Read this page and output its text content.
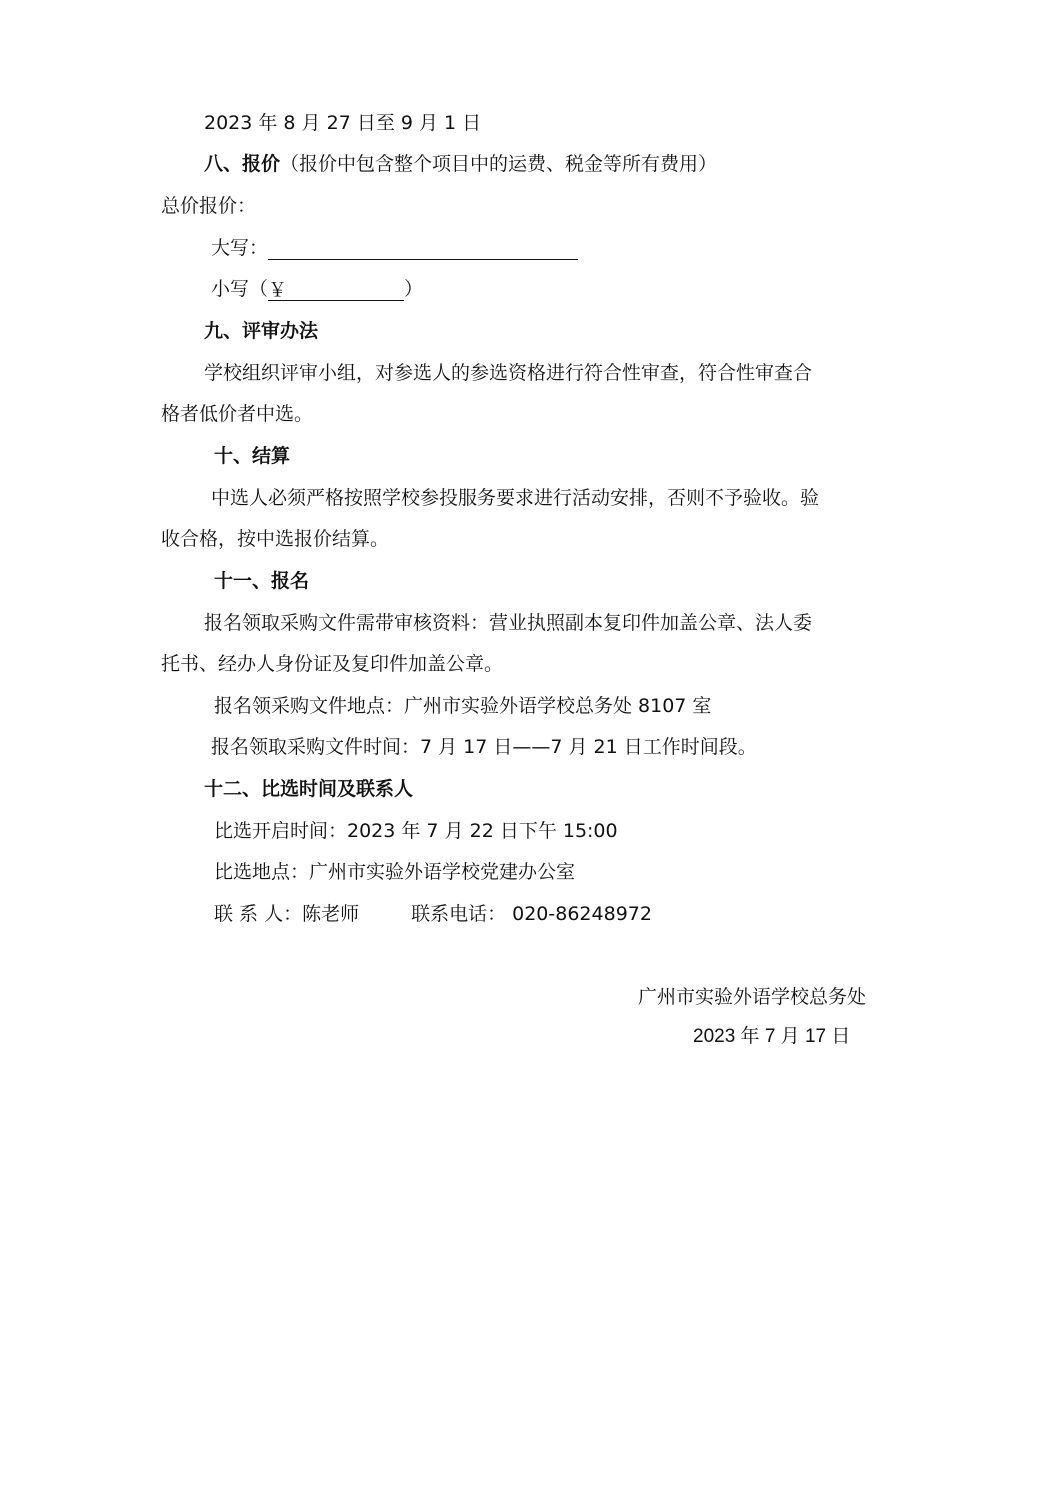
2023 年 8 月 27 日至 9 月 1 日
八、报价（报价中包含整个项目中的运费、税金等所有费用）
总价报价：
大写：
小写（￥	）
九、评审办法
学校组织评审小组，对参选人的参选资格进行符合性审查，符合性审查合
格者低价者中选。
十、结算
中选人必须严格按照学校参投服务要求进行活动安排，否则不予验收。验
收合格，按中选报价结算。
十一、报名
报名领取采购文件需带审核资料：营业执照副本复印件加盖公章、法人委
托书、经办人身份证及复印件加盖公章。
报名领采购文件地点：广州市实验外语学校总务处 8107 室
报名领取采购文件时间：7 月 17 日——7 月 21 日工作时间段。
十二、比选时间及联系人
比选开启时间：2023 年 7 月 22 日下午 15:00
比选地点：广州市实验外语学校党建办公室
联 系 人：陈老师	联系电话： 020-86248972
广州市实验外语学校总务处
2023 年 7 月 17 日
